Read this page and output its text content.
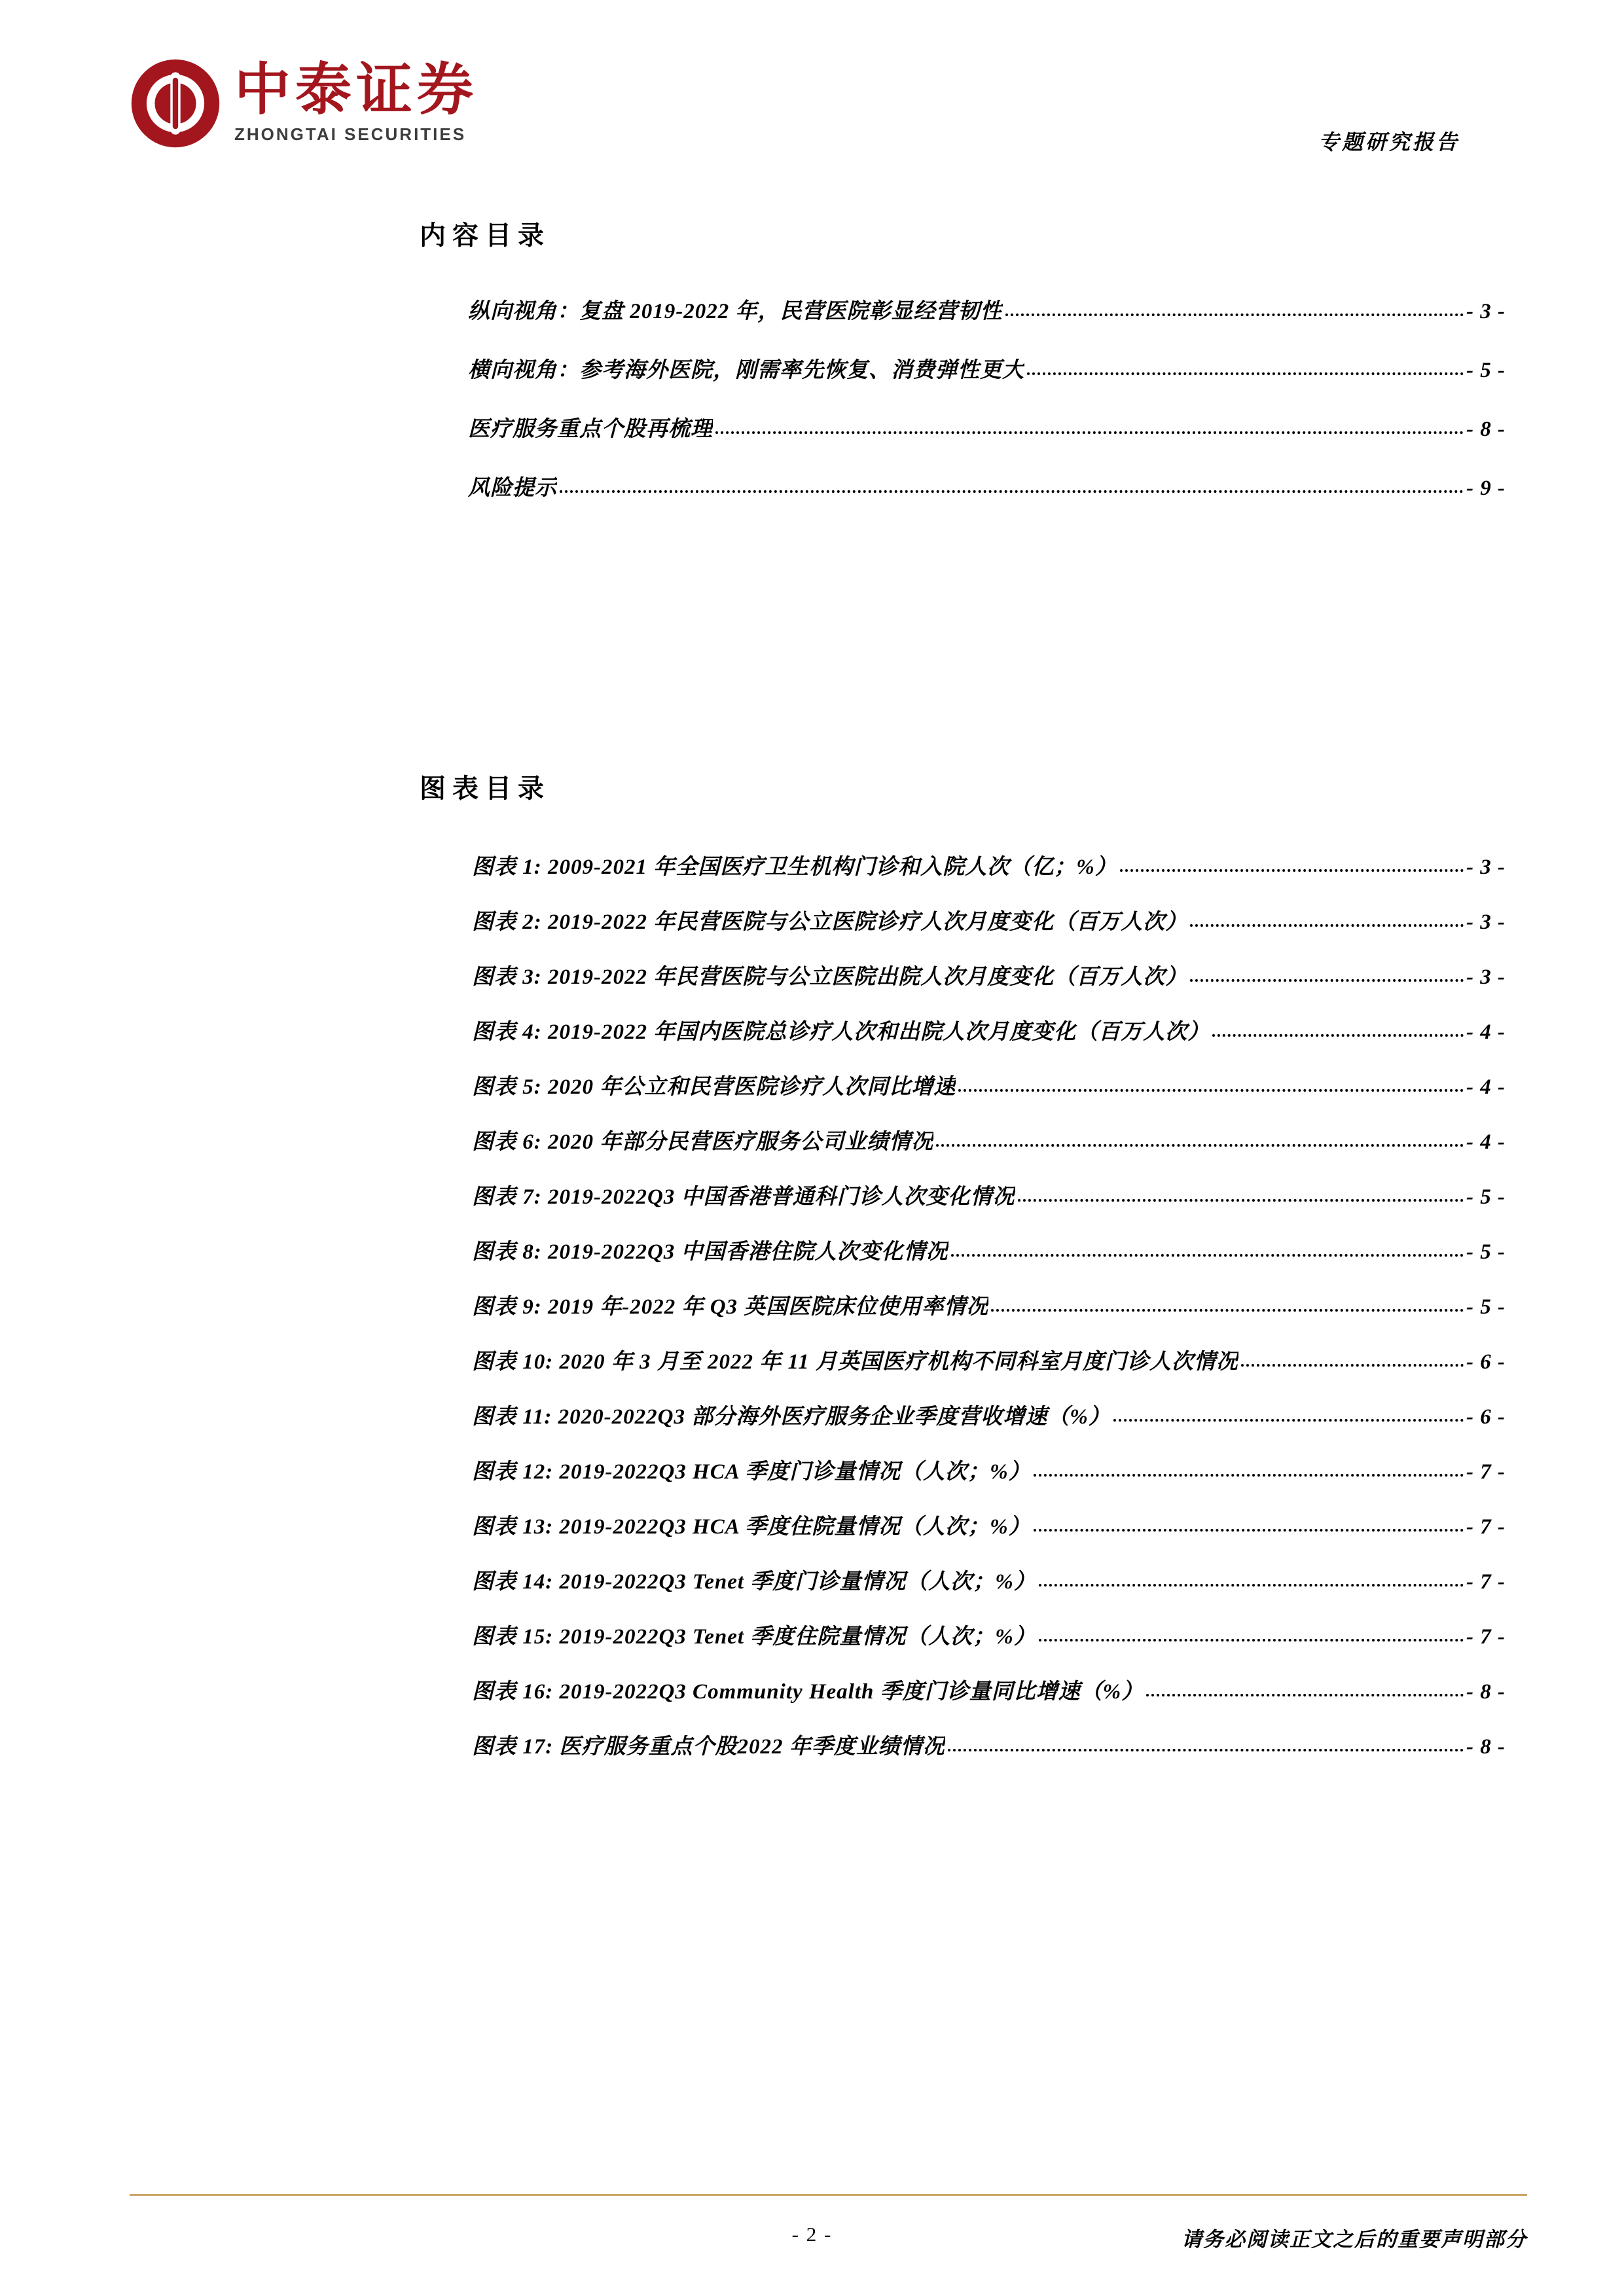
中泰证券
ZHONGTAI SECURITIES	专题研究报告
内容目录
纵向视角：复盘 2019-2022 年，民营医院彰显经营韧性	- 3 -
横向视角：参考海外医院，刚需率先恢复、消费弹性更大	- 5 -
医疗服务重点个股再梳理	- 8 -
风险提示	- 9 -
图表目录
图表 1: 2009-2021 年全国医疗卫生机构门诊和入院人次（亿；%）	- 3 -
图表 2: 2019-2022 年民营医院与公立医院诊疗人次月度变化（百万人次）	- 3 -
图表 3: 2019-2022 年民营医院与公立医院出院人次月度变化（百万人次）	- 3 -
图表 4: 2019-2022 年国内医院总诊疗人次和出院人次月度变化（百万人次）	- 4 -
图表 5: 2020 年公立和民营医院诊疗人次同比增速	- 4 -
图表 6: 2020 年部分民营医疗服务公司业绩情况	- 4 -
图表 7: 2019-2022Q3 中国香港普通科门诊人次变化情况	- 5 -
图表 8: 2019-2022Q3 中国香港住院人次变化情况	- 5 -
图表 9: 2019 年-2022 年 Q3 英国医院床位使用率情况	- 5 -
图表 10: 2020 年 3 月至 2022 年 11 月英国医疗机构不同科室月度门诊人次情况	- 6 -
图表 11: 2020-2022Q3 部分海外医疗服务企业季度营收增速（%）	- 6 -
图表 12: 2019-2022Q3 HCA 季度门诊量情况（人次；%）	- 7 -
图表 13: 2019-2022Q3 HCA 季度住院量情况（人次；%）	- 7 -
图表 14: 2019-2022Q3 Tenet 季度门诊量情况（人次；%）	- 7 -
图表 15: 2019-2022Q3 Tenet 季度住院量情况（人次；%）	- 7 -
图表 16: 2019-2022Q3 Community Health 季度门诊量同比增速（%）	- 8 -
图表 17: 医疗服务重点个股2022 年季度业绩情况	- 8 -
- 2 -	请务必阅读正文之后的重要声明部分
